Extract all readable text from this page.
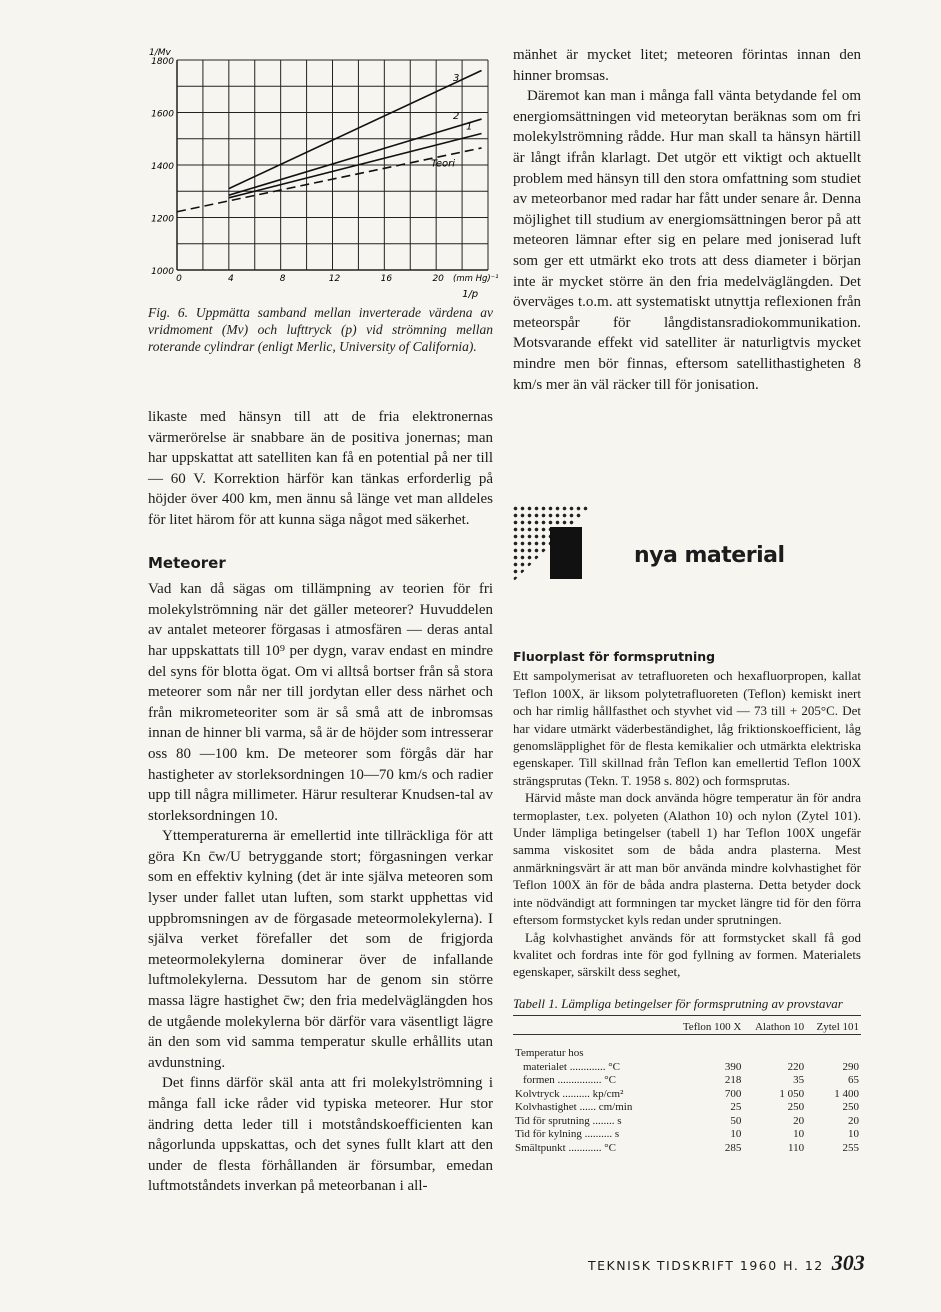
3
2
1
Teori
1800
1600
1400
1200
1000
0	4	8	12	16	20
1/Mv
(mm Hg)⁻¹
1/p
Fig. 6. Uppmätta samband mellan inverterade värdena av vridmoment (Mv) och lufttryck (p) vid strömning mellan roterande cylindrar (enligt Merlic, University of California).

likaste med hänsyn till att de fria elektronernas värmerörelse är snabbare än de positiva jonernas; man har uppskattat att satelliten kan få en potential på ner till — 60 V. Korrektion härför kan tänkas erforderlig på höjder över 400 km, men ännu så länge vet man alldeles för litet härom för att kunna säga något med säkerhet.

Meteorer

Vad kan då sägas om tillämpning av teorien för fri molekylströmning när det gäller meteorer? Huvuddelen av antalet meteorer förgasas i atmosfären — deras antal har uppskattats till 10⁹ per dygn, varav endast en mindre del syns för blotta ögat. Om vi alltså bortser från så stora meteorer som når ner till jordytan eller dess närhet och från mikrometeoriter som är så små att de inbromsas innan de hinner bli varma, så är de höjder som intresserar oss 80 —100 km. De meteorer som förgås där har hastigheter av storleksordningen 10—70 km/s och radier upp till några millimeter. Härur resulterar Knudsen-tal av storleksordningen 10.

Yttemperaturerna är emellertid inte tillräckliga för att göra Kn c̄w/U betryggande stort; förgasningen verkar som en effektiv kylning (det är inte själva meteoren som lyser under fallet utan luften, som starkt upphettas vid uppbromsningen av de förgasade meteormolekylerna). I själva verket förefaller det som de frigjorda meteormolekylerna dominerar över de infallande luftmolekylerna. Dessutom har de genom sin större massa lägre hastighet c̄w; den fria medelväglängden hos de utgående molekylerna bör därför vara väsentligt lägre än den som vid samma temperatur skulle erhållits utan avdunstning.

Det finns därför skäl anta att fri molekylströmning i många fall icke råder vid typiska meteorer. Hur stor ändring detta leder till i motståndskoefficienten kan någorlunda uppskattas, och det synes fullt klart att den under de flesta förhållanden är försumbar, emedan luftmotståndets inverkan på meteorbanan i all-

mänhet är mycket litet; meteoren förintas innan den hinner bromsas.

Däremot kan man i många fall vänta betydande fel om energiomsättningen vid meteorytan beräknas som om fri molekylströmning rådde. Hur man skall ta hänsyn härtill är långt ifrån klarlagt. Det utgör ett viktigt och aktuellt problem med hänsyn till den stora omfattning som studiet av meteorbanor med radar har fått under senare år. Denna möjlighet till studium av energiomsättningen beror på att meteoren lämnar efter sig en pelare med joniserad luft som ger ett utmärkt eko trots att dess diameter i början inte är mycket större än den fria medelväglängden. Det överväges t.o.m. att systematiskt utnyttja reflexionen från meteorspår för långdistansradiokommunikation. Motsvarande effekt vid satelliter är naturligtvis mycket mindre men bör finnas, eftersom satellithastigheten 8 km/s mer än väl räcker till för jonisation.

nya material
Fluorplast för formsprutning

Ett sampolymerisat av tetrafluoreten och hexafluorpropen, kallat Teflon 100X, är liksom polytetrafluoreten (Teflon) kemiskt inert och har rimlig hållfasthet och styvhet vid — 73 till + 205°C. Det har vidare utmärkt väderbeständighet, låg friktionskoefficient, låg genomsläpplighet för de flesta kemikalier och utmärkta elektriska egenskaper. Till skillnad från Teflon kan emellertid Teflon 100X strängsprutas (Tekn. T. 1958 s. 802) och formsprutas.

Härvid måste man dock använda högre temperatur än för andra termoplaster, t.ex. polyeten (Alathon 10) och nylon (Zytel 101). Under lämpliga betingelser (tabell 1) har Teflon 100X ungefär samma viskositet som de båda andra plasterna. Mest anmärkningsvärt är att man bör använda mindre kolvhastighet för Teflon 100X än för de båda andra plasterna. Detta betyder dock inte nödvändigt att formningen tar mycket längre tid för den förra eftersom formstycket kyls redan under sprutningen.

Låg kolvhastighet används för att formstycket skall få god kvalitet och fordras inte för god fyllning av formen. Materialets egenskaper, särskilt dess seghet,

Tabell 1. Lämpliga betingelser för formsprutning av provstavar
	Teflon 100 X	Alathon 10	Zytel 101
Temperatur hos			
materialet ............. °C	390	220	290
formen ................ °C	218	35	65
Kolvtryck .......... kp/cm²	700	1 050	1 400
Kolvhastighet ...... cm/min	25	250	250
Tid för sprutning ........ s	50	20	20
Tid för kylning .......... s	10	10	10
Smältpunkt ............ °C	285	110	255
TEKNISK TIDSKRIFT 1960 H. 12 303
